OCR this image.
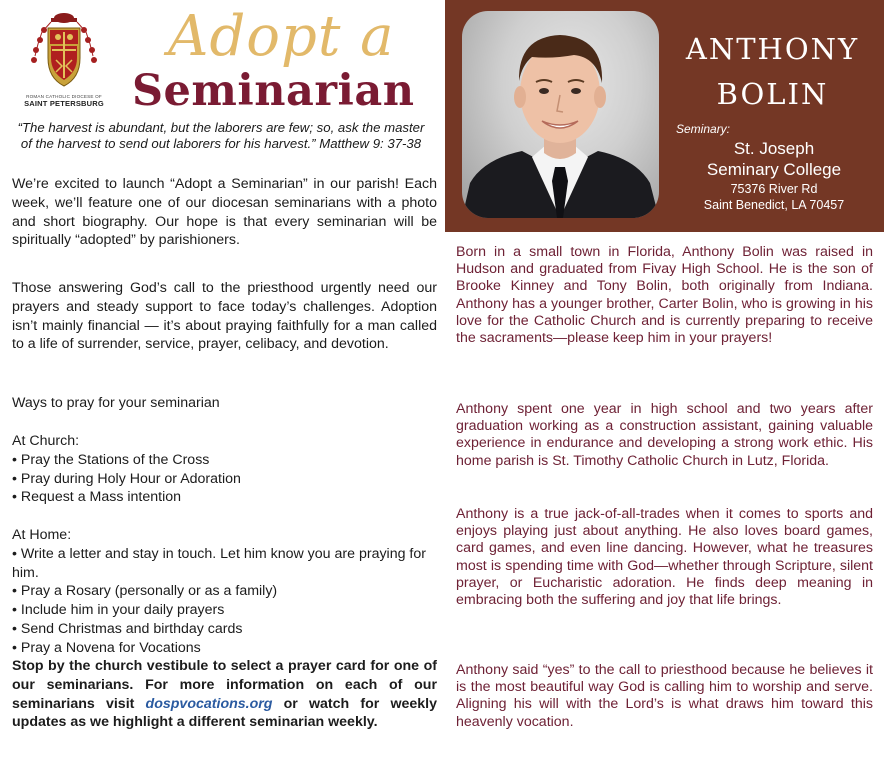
ROMAN CATHOLIC DIOCESE OF
SAINT PETERSBURG
Adopt a
Seminarian
“The harvest is abundant, but the laborers are few; so, ask the master of the harvest to send out laborers for his harvest.” Matthew 9: 37-38
We’re excited to launch “Adopt a Seminarian” in our parish! Each week, we’ll feature one of our diocesan seminarians with a photo and short biography. Our hope is that every seminarian will be spiritually “adopted” by parishioners.
Those answering God’s call to the priesthood urgently need our prayers and steady support to face today’s challenges. Adoption isn’t mainly financial — it’s about praying faithfully for a man called to a life of surrender, service, prayer, celibacy, and devotion.
Ways to pray for your seminarian
At Church:
• Pray the Stations of the Cross
• Pray during Holy Hour or Adoration
• Request a Mass intention
At Home:
• Write a letter and stay in touch. Let him know you are praying for him.
• Pray a Rosary (personally or as a family)
• Include him in your daily prayers
• Send Christmas and birthday cards
• Pray a Novena for Vocations
Stop by the church vestibule to select a prayer card for one of our seminarians. For more information on each of our seminarians visit dospvocations.org or watch for weekly updates as we highlight a different seminarian weekly.
ANTHONY
BOLIN
Seminary:
St. Joseph
Seminary College
75376 River Rd
Saint Benedict, LA 70457
Born in a small town in Florida, Anthony Bolin was raised in Hudson and graduated from Fivay High School. He is the son of Brooke Kinney and Tony Bolin, both originally from Indiana. Anthony has a younger brother, Carter Bolin, who is growing in his love for the Catholic Church and is currently preparing to receive the sacraments—please keep him in your prayers!
Anthony spent one year in high school and two years after graduation working as a construction assistant, gaining valuable experience in endurance and developing a strong work ethic. His home parish is St. Timothy Catholic Church in Lutz, Florida.
Anthony is a true jack-of-all-trades when it comes to sports and enjoys playing just about anything. He also loves board games, card games, and even line dancing. However, what he treasures most is spending time with God—whether through Scripture, silent prayer, or Eucharistic adoration. He finds deep meaning in embracing both the suffering and joy that life brings.
Anthony said “yes” to the call to priesthood because he believes it is the most beautiful way God is calling him to worship and serve. Aligning his will with the Lord’s is what draws him toward this heavenly vocation.
